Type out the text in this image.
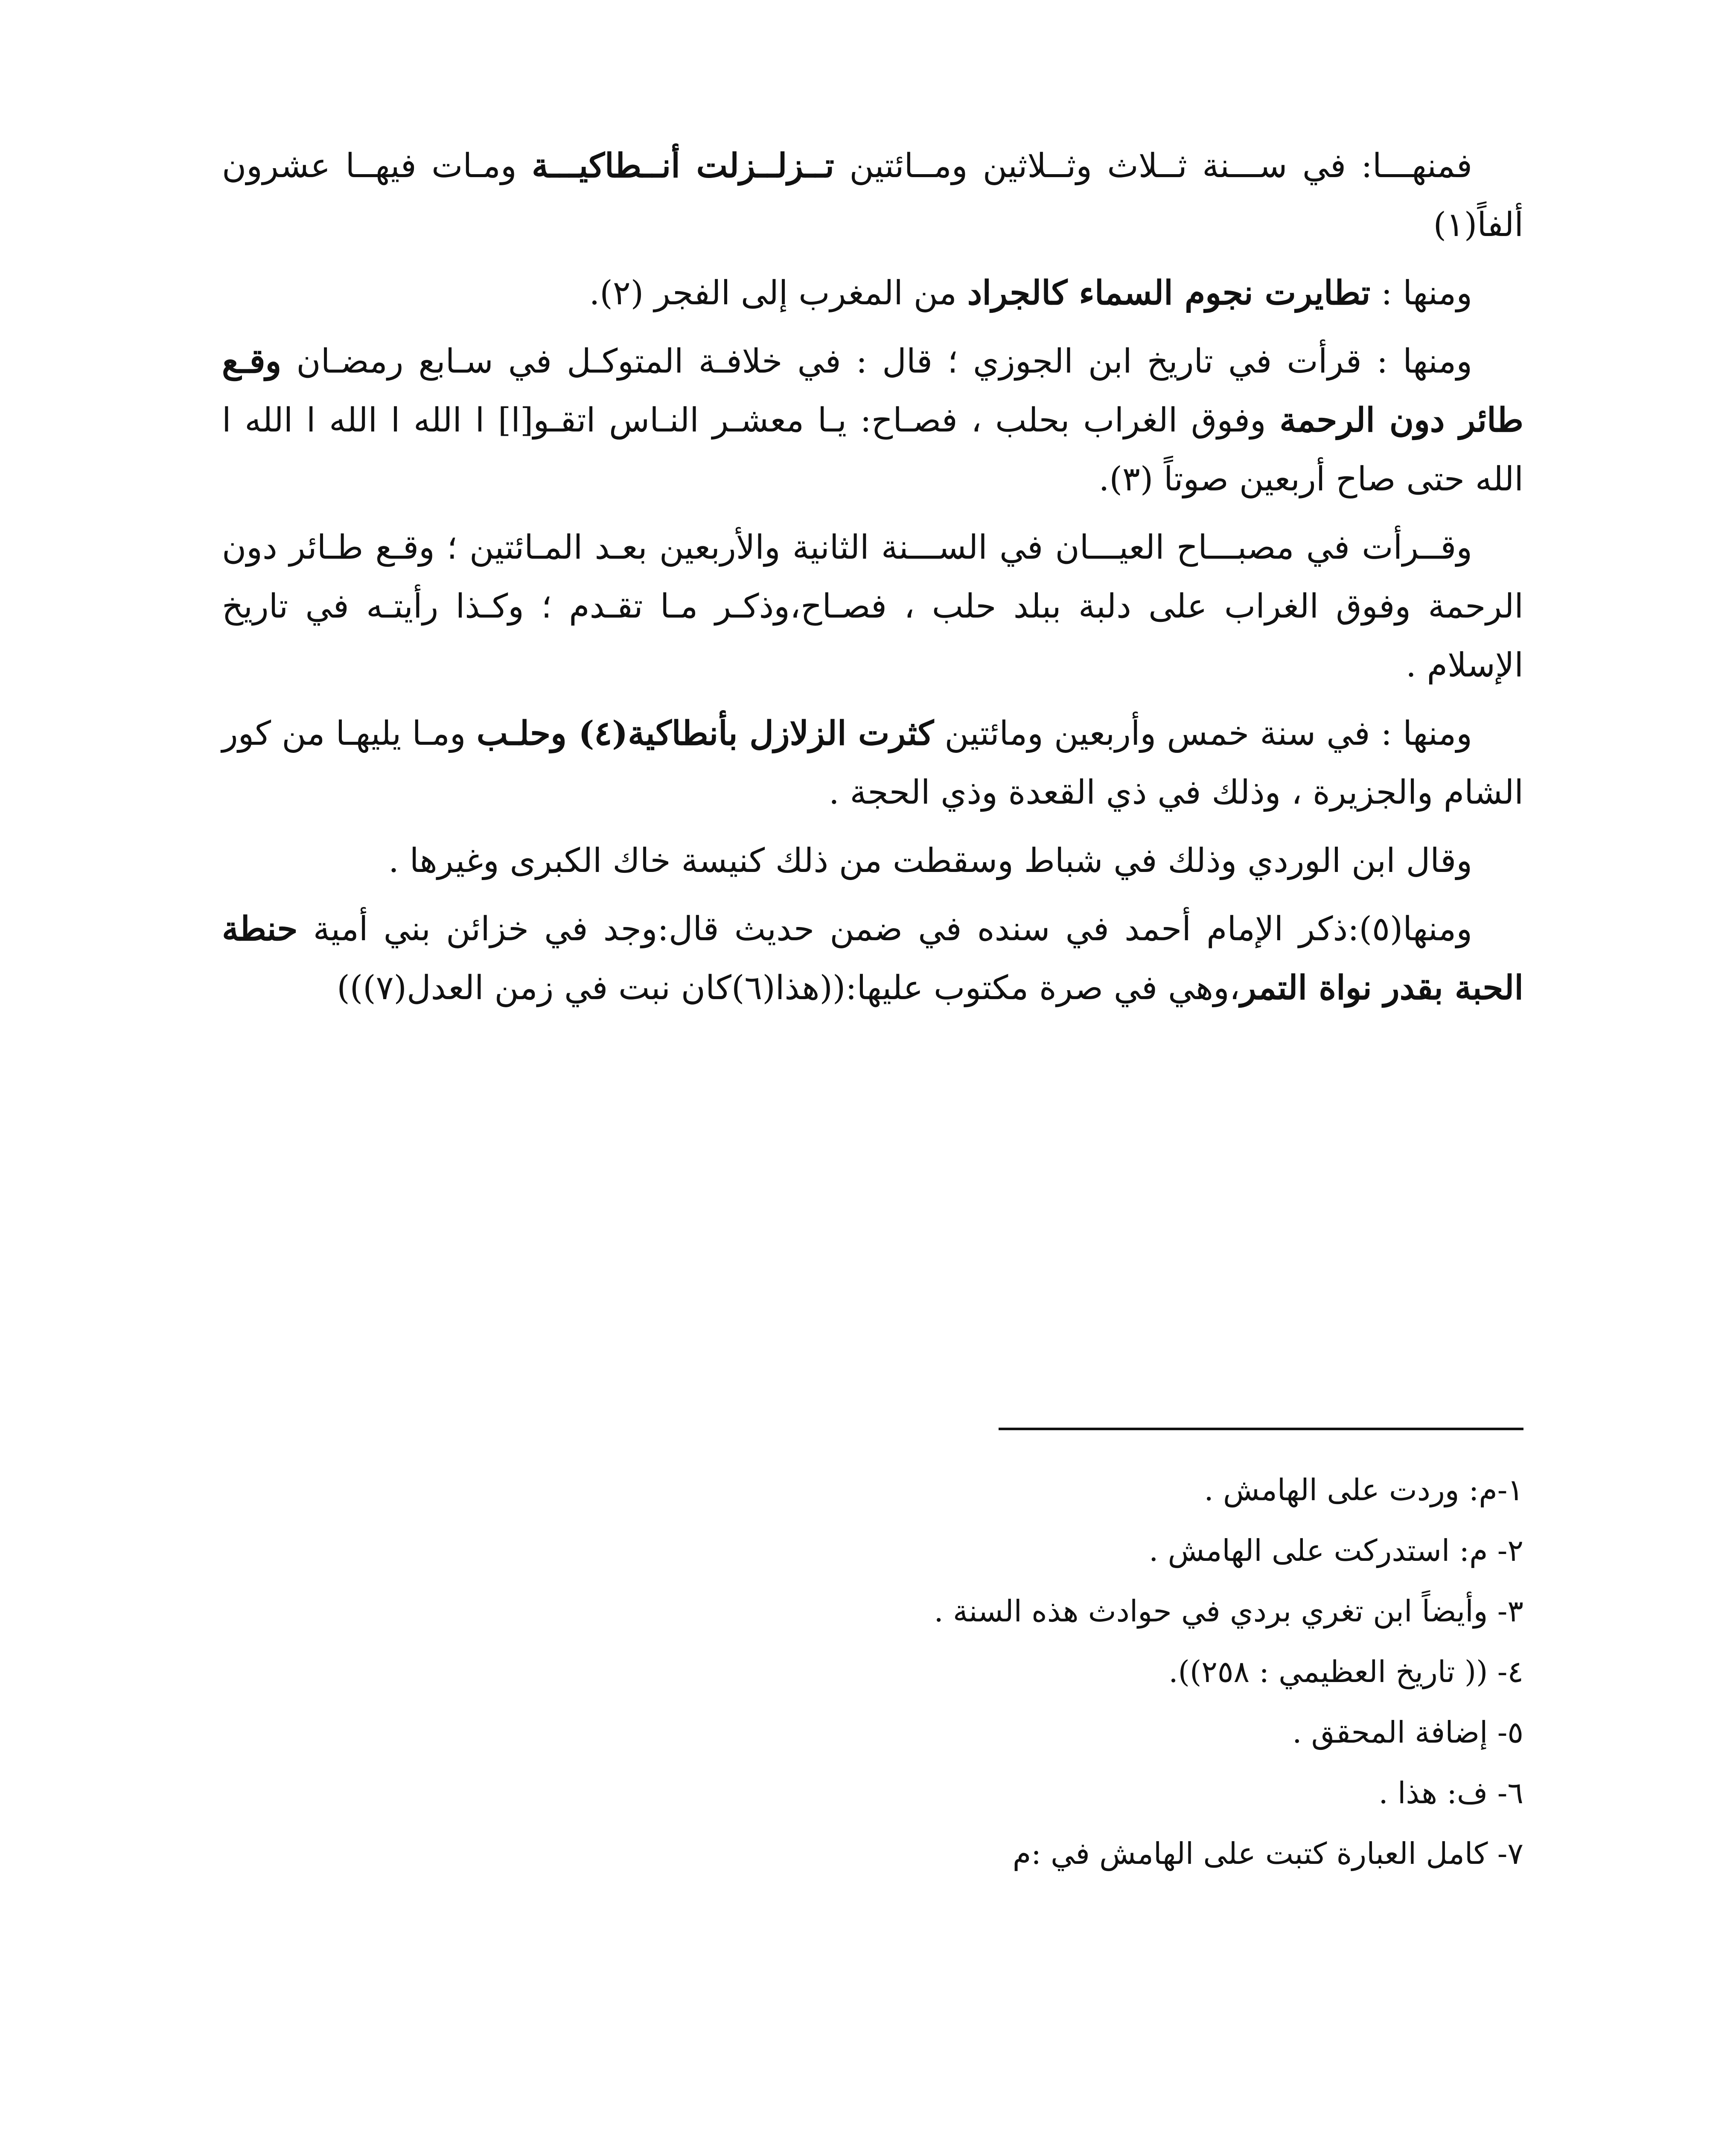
فمنهـــا: في ســـنة ثــلاث وثــلاثين ومــائتين تــزلــزلت أنــطاكيـــة ومـات فيهــا عشرون ألفاً(١)

ومنها : تطايرت نجوم السماء كالجراد من المغرب إلى الفجر (٢).

ومنها : قرأت في تاريخ ابن الجوزي ؛ قال : في خلافـة المتوكـل في سـابع رمضـان وقـع طائر دون الرحمة وفوق الغراب بحلب ، فصـاح: يـا معشـر النـاس اتقـو[ا] ا الله ا الله ا الله ا الله حتى صاح أربعين صوتاً (٣).

وقــرأت في مصبـــاح العيـــان في الســـنة الثانية والأربعين بعـد المـائتين ؛ وقـع طـائر دون الرحمة وفوق الغراب على دلبة ببلد حلب ، فصـاح،وذكـر مـا تقـدم ؛ وكـذا رأيتـه في تاريخ الإسلام .

ومنها : في سنة خمس وأربعين ومائتين كثرت الزلازل بأنطاكية(٤) وحلـب ومـا يليهـا من كور الشام والجزيرة ، وذلك في ذي القعدة وذي الحجة .

وقال ابن الوردي وذلك في شباط وسقطت من ذلك كنيسة خاك الكبرى وغيرها .

ومنها(٥):ذكر الإمام أحمد في سنده في ضمن حديث قال:وجد في خزائن بني أمية حنطة الحبة بقدر نواة التمر،وهي في صرة مكتوب عليها:((هذا(٦)كان نبت في زمن العدل(٧)))

١-م: وردت على الهامش .

٢- م: استدركت على الهامش .

٣- وأيضاً ابن تغري بردي في حوادث هذه السنة .

٤- (( تاريخ العظيمي : ٢٥٨)).

٥- إضافة المحقق .

٦- ف: هذا .

٧- كامل العبارة كتبت على الهامش في :م
